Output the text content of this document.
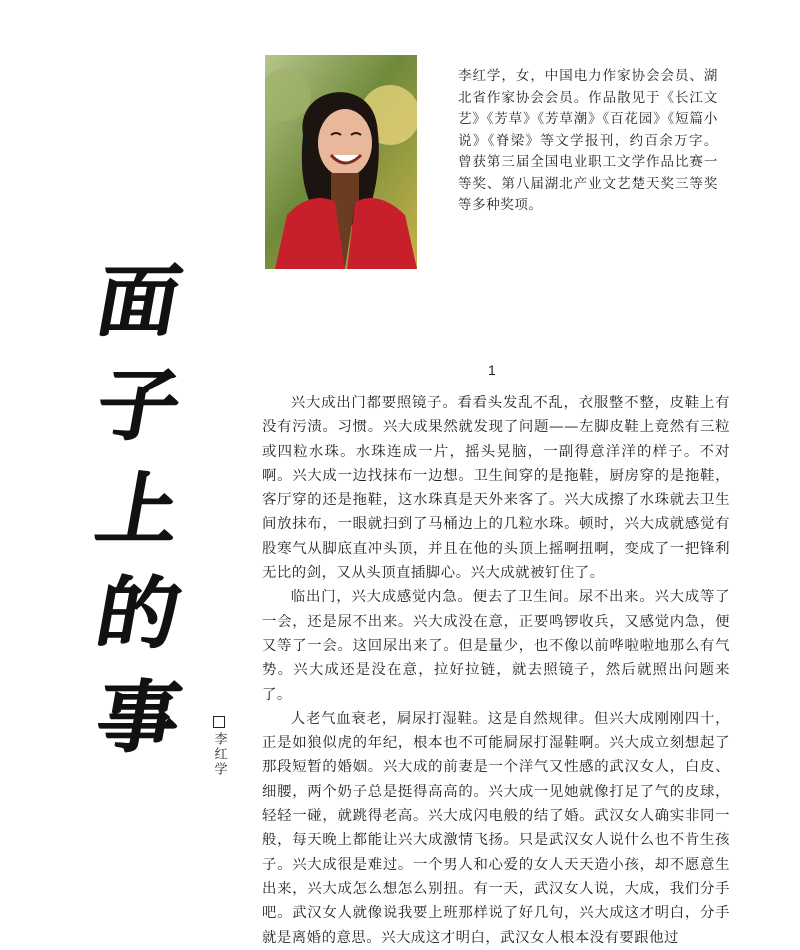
李红学，女，中国电力作家协会会员、湖北省作家协会会员。作品散见于《长江文艺》《芳草》《芳草潮》《百花园》《短篇小说》《脊梁》等文学报刊，约百余万字。曾获第三届全国电业职工文学作品比赛一等奖、第八届湖北产业文艺楚天奖三等奖等多种奖项。
面
子
上
的
事 李红学
1

兴大成出门都要照镜子。看看头发乱不乱，衣服整不整，皮鞋上有没有污渍。习惯。兴大成果然就发现了问题——左脚皮鞋上竟然有三粒或四粒水珠。水珠连成一片，摇头晃脑，一副得意洋洋的样子。不对啊。兴大成一边找抹布一边想。卫生间穿的是拖鞋，厨房穿的是拖鞋，客厅穿的还是拖鞋，这水珠真是天外来客了。兴大成擦了水珠就去卫生间放抹布，一眼就扫到了马桶边上的几粒水珠。顿时，兴大成就感觉有股寒气从脚底直冲头顶，并且在他的头顶上摇啊扭啊，变成了一把锋利无比的剑，又从头顶直插脚心。兴大成就被钉住了。

临出门，兴大成感觉内急。便去了卫生间。尿不出来。兴大成等了一会，还是尿不出来。兴大成没在意，正要鸣锣收兵，又感觉内急，便又等了一会。这回尿出来了。但是量少，也不像以前哗啦啦地那么有气势。兴大成还是没在意，拉好拉链，就去照镜子，然后就照出问题来了。

人老气血衰老，屙尿打湿鞋。这是自然规律。但兴大成刚刚四十，正是如狼似虎的年纪，根本也不可能屙尿打湿鞋啊。兴大成立刻想起了那段短暂的婚姻。兴大成的前妻是一个洋气又性感的武汉女人，白皮、细腰，两个奶子总是挺得高高的。兴大成一见她就像打足了气的皮球，轻轻一碰，就跳得老高。兴大成闪电般的结了婚。武汉女人确实非同一般，每天晚上都能让兴大成激情飞扬。只是武汉女人说什么也不肯生孩子。兴大成很是难过。一个男人和心爱的女人天天造小孩，却不愿意生出来，兴大成怎么想怎么别扭。有一天，武汉女人说，大成，我们分手吧。武汉女人就像说我要上班那样说了好几句，兴大成这才明白，分手就是离婚的意思。兴大成这才明白，武汉女人根本没有要跟他过
